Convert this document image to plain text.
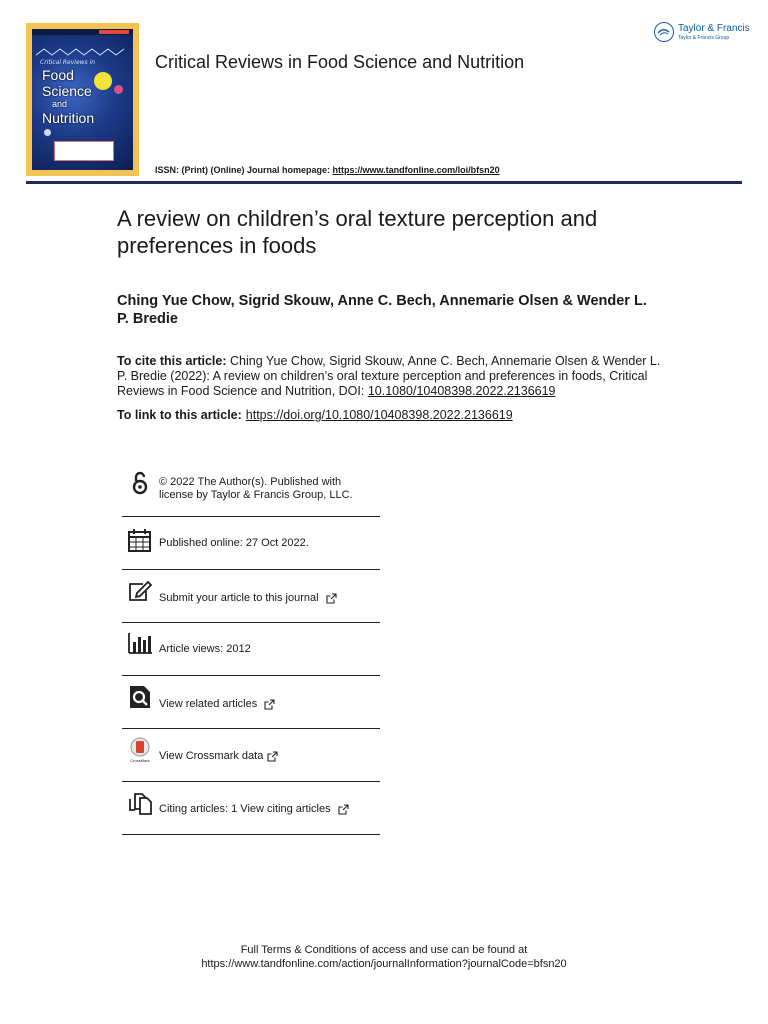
Critical Reviews in
Food
Science
and
Nutrition
Critical Reviews in Food Science and Nutrition
Taylor & Francis
Taylor & Francis Group
ISSN: (Print) (Online) Journal homepage: https://www.tandfonline.com/loi/bfsn20
A review on children’s oral texture perception and preferences in foods
Ching Yue Chow, Sigrid Skouw, Anne C. Bech, Annemarie Olsen & Wender L. P. Bredie
To cite this article: Ching Yue Chow, Sigrid Skouw, Anne C. Bech, Annemarie Olsen & Wender L. P. Bredie (2022): A review on children’s oral texture perception and preferences in foods, Critical Reviews in Food Science and Nutrition, DOI: 10.1080/10408398.2022.2136619
To link to this article: https://doi.org/10.1080/10408398.2022.2136619
© 2022 The Author(s). Published with license by Taylor & Francis Group, LLC.
Published online: 27 Oct 2022.
Submit your article to this journal
Article views: 2012
View related articles
CrossMark View Crossmark data
Citing articles: 1 View citing articles
Full Terms & Conditions of access and use can be found at
https://www.tandfonline.com/action/journalInformation?journalCode=bfsn20
